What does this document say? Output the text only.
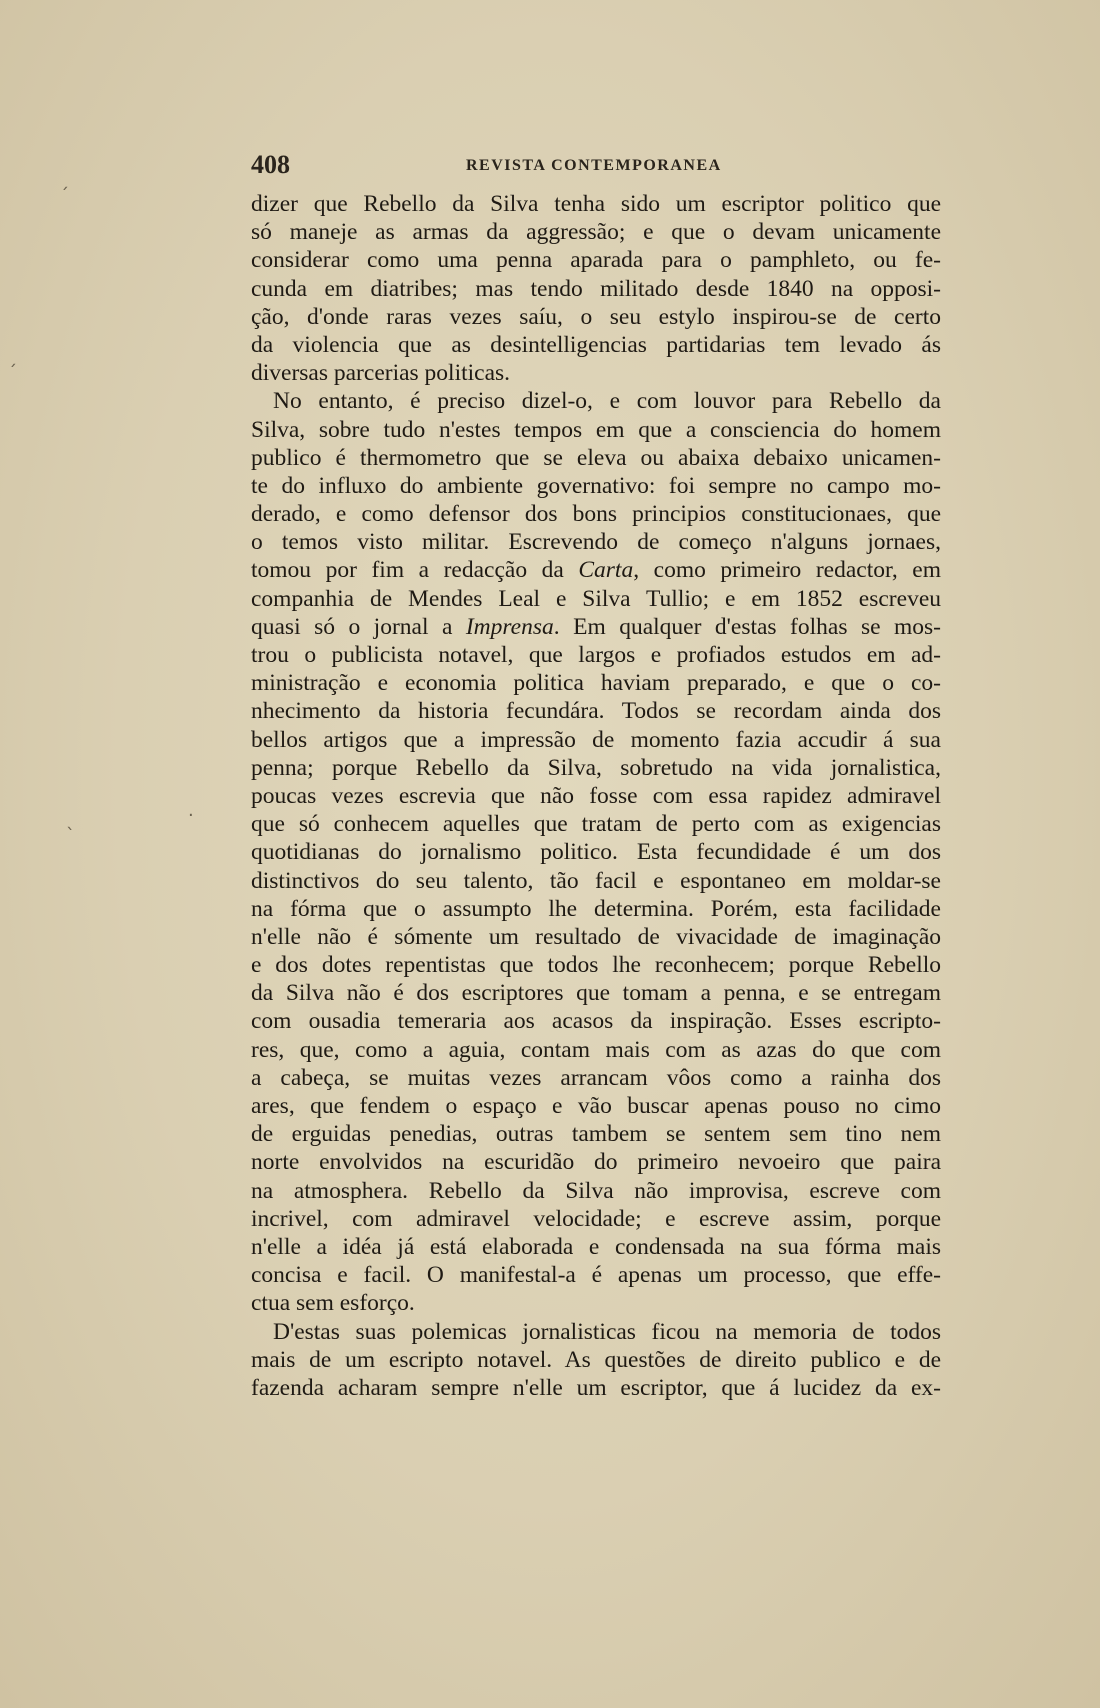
408	REVISTA CONTEMPORANEA
dizer que Rebello da Silva tenha sido um escriptor politico que
só maneje as armas da aggressão; e que o devam unicamente
considerar como uma penna aparada para o pamphleto, ou fe-
cunda em diatribes; mas tendo militado desde 1840 na opposi-
ção, d'onde raras vezes saíu, o seu estylo inspirou-se de certo
da violencia que as desintelligencias partidarias tem levado ás
diversas parcerias politicas.
No entanto, é preciso dizel-o, e com louvor para Rebello da
Silva, sobre tudo n'estes tempos em que a consciencia do homem
publico é thermometro que se eleva ou abaixa debaixo unicamen-
te do influxo do ambiente governativo: foi sempre no campo mo-
derado, e como defensor dos bons principios constitucionaes, que
o temos visto militar. Escrevendo de começo n'alguns jornaes,
tomou por fim a redacção da Carta, como primeiro redactor, em
companhia de Mendes Leal e Silva Tullio; e em 1852 escreveu
quasi só o jornal a Imprensa. Em qualquer d'estas folhas se mos-
trou o publicista notavel, que largos e profiados estudos em ad-
ministração e economia politica haviam preparado, e que o co-
nhecimento da historia fecundára. Todos se recordam ainda dos
bellos artigos que a impressão de momento fazia accudir á sua
penna; porque Rebello da Silva, sobretudo na vida jornalistica,
poucas vezes escrevia que não fosse com essa rapidez admiravel
que só conhecem aquelles que tratam de perto com as exigencias
quotidianas do jornalismo politico. Esta fecundidade é um dos
distinctivos do seu talento, tão facil e espontaneo em moldar-se
na fórma que o assumpto lhe determina. Porém, esta facilidade
n'elle não é sómente um resultado de vivacidade de imaginação
e dos dotes repentistas que todos lhe reconhecem; porque Rebello
da Silva não é dos escriptores que tomam a penna, e se entregam
com ousadia temeraria aos acasos da inspiração. Esses escripto-
res, que, como a aguia, contam mais com as azas do que com
a cabeça, se muitas vezes arrancam vôos como a rainha dos
ares, que fendem o espaço e vão buscar apenas pouso no cimo
de erguidas penedias, outras tambem se sentem sem tino nem
norte envolvidos na escuridão do primeiro nevoeiro que paira
na atmosphera. Rebello da Silva não improvisa, escreve com
incrivel, com admiravel velocidade; e escreve assim, porque
n'elle a idéa já está elaborada e condensada na sua fórma mais
concisa e facil. O manifestal-a é apenas um processo, que effe-
ctua sem esforço.
D'estas suas polemicas jornalisticas ficou na memoria de todos
mais de um escripto notavel. As questões de direito publico e de
fazenda acharam sempre n'elle um escriptor, que á lucidez da ex-
ˊ
ˊ
·
ˋ
